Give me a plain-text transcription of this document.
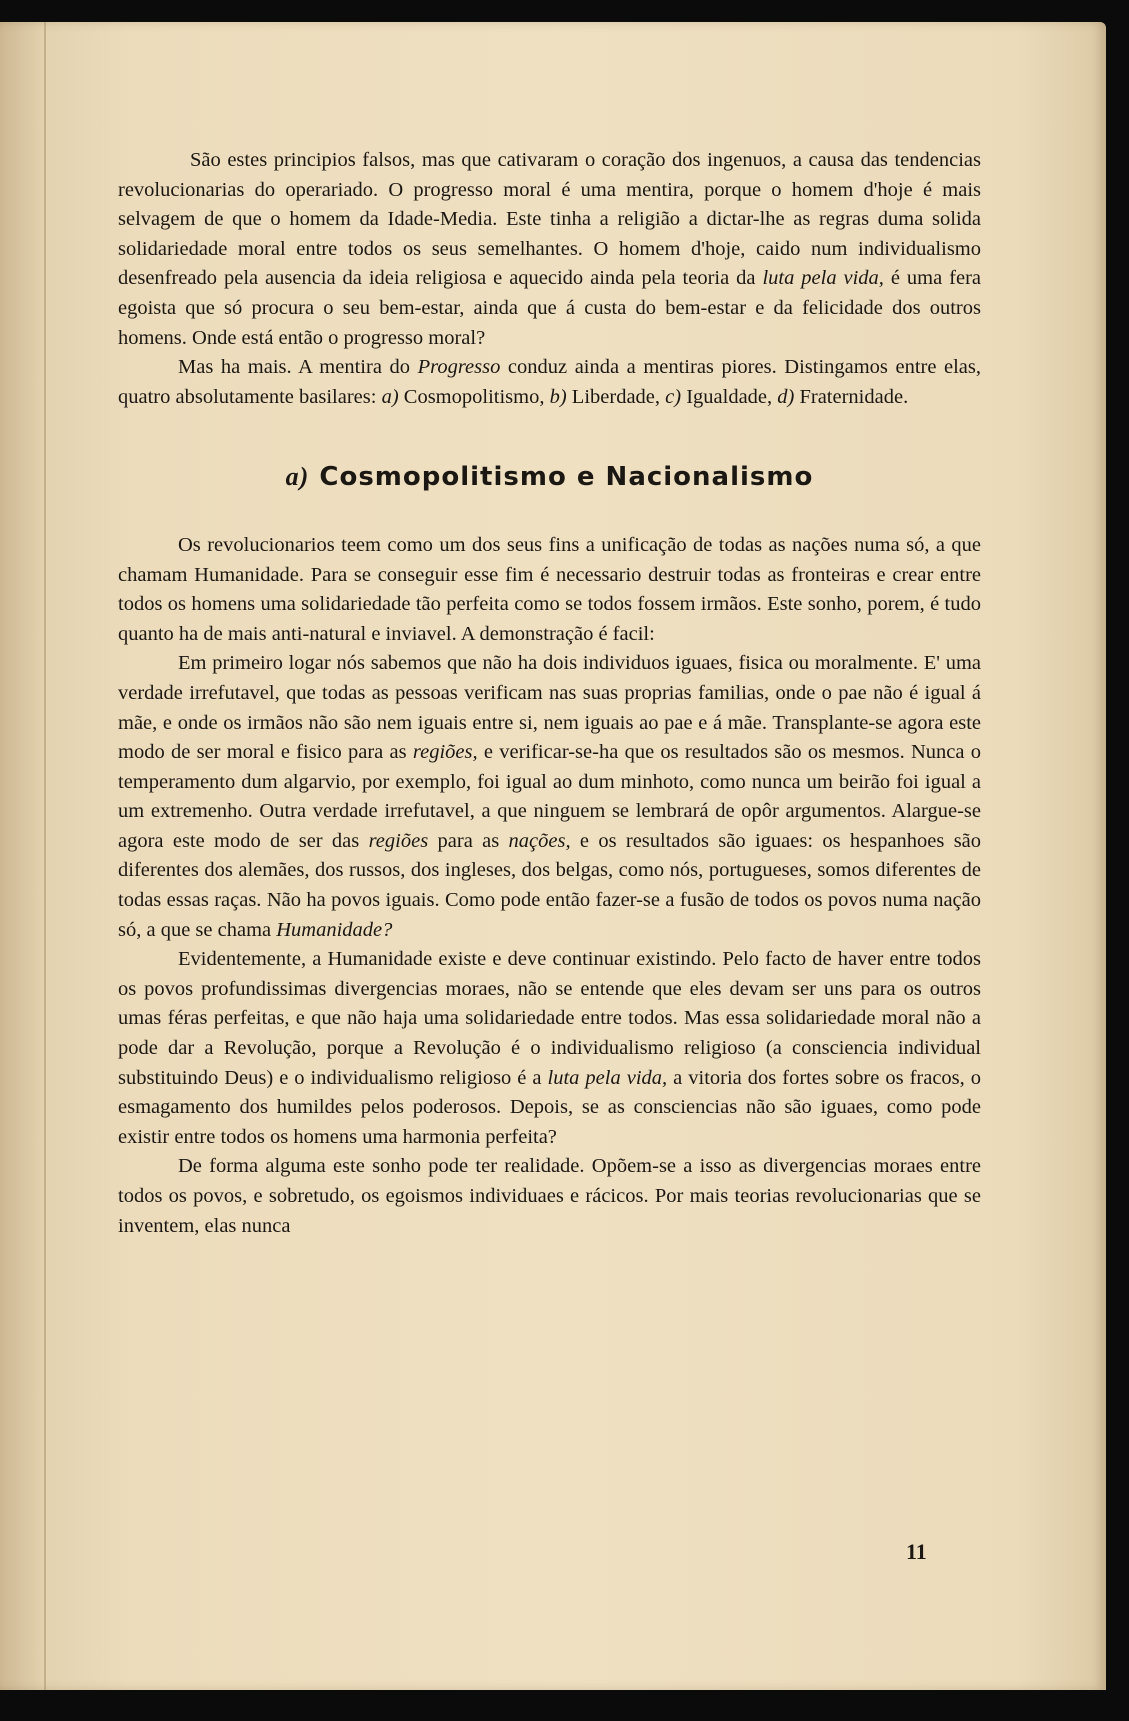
São estes principios falsos, mas que cativaram o coração dos ingenuos, a causa das tendencias revolucionarias do operariado. O progresso moral é uma mentira, porque o homem d'hoje é mais selvagem de que o homem da Idade-Media. Este tinha a religião a dictar-lhe as regras duma solida solidariedade moral entre todos os seus semelhantes. O homem d'hoje, caido num individualismo desenfreado pela ausencia da ideia religiosa e aquecido ainda pela teoria da luta pela vida, é uma fera egoista que só procura o seu bem-estar, ainda que á custa do bem-estar e da felicidade dos outros homens. Onde está então o progresso moral?

Mas ha mais. A mentira do Progresso conduz ainda a mentiras piores. Distingamos entre elas, quatro absolutamente basilares: a) Cosmopolitismo, b) Liberdade, c) Igualdade, d) Fraternidade.

a) Cosmopolitismo e Nacionalismo

Os revolucionarios teem como um dos seus fins a unificação de todas as nações numa só, a que chamam Humanidade. Para se conseguir esse fim é necessario destruir todas as fronteiras e crear entre todos os homens uma solidariedade tão perfeita como se todos fossem irmãos. Este sonho, porem, é tudo quanto ha de mais anti-natural e inviavel. A demonstração é facil:

Em primeiro logar nós sabemos que não ha dois individuos iguaes, fisica ou moralmente. E' uma verdade irrefutavel, que todas as pessoas verificam nas suas proprias familias, onde o pae não é igual á mãe, e onde os irmãos não são nem iguais entre si, nem iguais ao pae e á mãe. Transplante-se agora este modo de ser moral e fisico para as regiões, e verificar-se-ha que os resultados são os mesmos. Nunca o temperamento dum algarvio, por exemplo, foi igual ao dum minhoto, como nunca um beirão foi igual a um extremenho. Outra verdade irrefutavel, a que ninguem se lembrará de opôr argumentos. Alargue-se agora este modo de ser das regiões para as nações, e os resultados são iguaes: os hespanhoes são diferentes dos alemães, dos russos, dos ingleses, dos belgas, como nós, portugueses, somos diferentes de todas essas raças. Não ha povos iguais. Como pode então fazer-se a fusão de todos os povos numa nação só, a que se chama Humanidade?

Evidentemente, a Humanidade existe e deve continuar existindo. Pelo facto de haver entre todos os povos profundissimas divergencias moraes, não se entende que eles devam ser uns para os outros umas féras perfeitas, e que não haja uma solidariedade entre todos. Mas essa solidariedade moral não a pode dar a Revolução, porque a Revolução é o individualismo religioso (a consciencia individual substituindo Deus) e o individualismo religioso é a luta pela vida, a vitoria dos fortes sobre os fracos, o esmagamento dos humildes pelos poderosos. Depois, se as consciencias não são iguaes, como pode existir entre todos os homens uma harmonia perfeita?

De forma alguma este sonho pode ter realidade. Opõem-se a isso as divergencias moraes entre todos os povos, e sobretudo, os egoismos individuaes e rácicos. Por mais teorias revolucionarias que se inventem, elas nunca

11
